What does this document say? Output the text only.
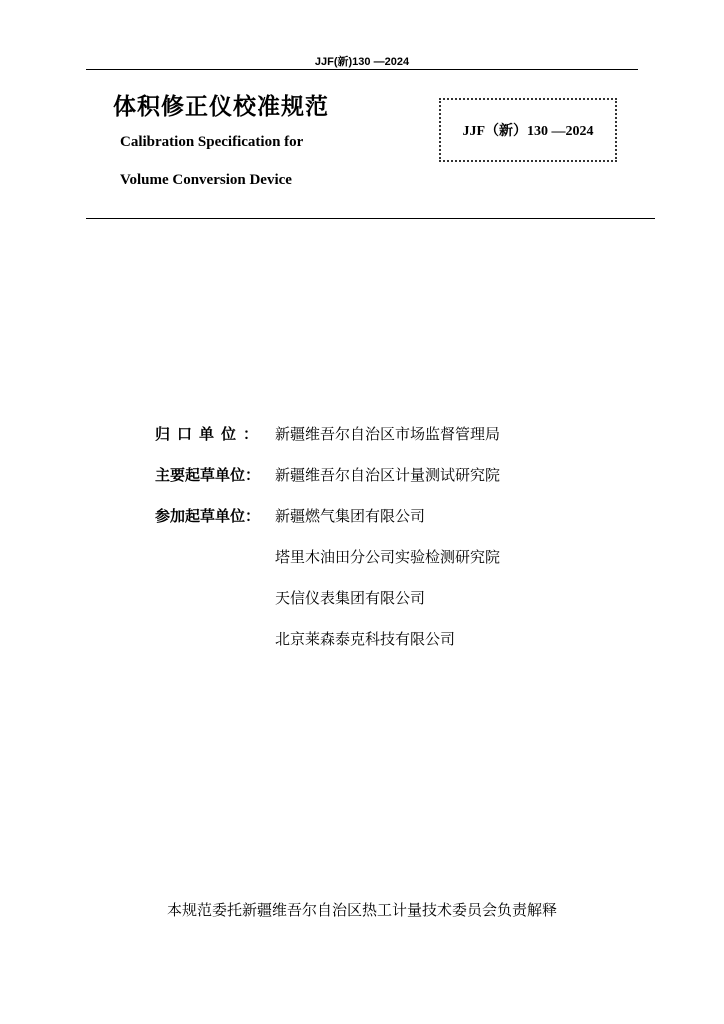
JJF(新)130 —2024
体积修正仪校准规范
Calibration Specification for
Volume Conversion Device
JJF（新）130 —2024
归口单位： 新疆维吾尔自治区市场监督管理局
主要起草单位： 新疆维吾尔自治区计量测试研究院
参加起草单位： 新疆燃气集团有限公司
塔里木油田分公司实验检测研究院
天信仪表集团有限公司
北京莱森泰克科技有限公司
本规范委托新疆维吾尔自治区热工计量技术委员会负责解释
